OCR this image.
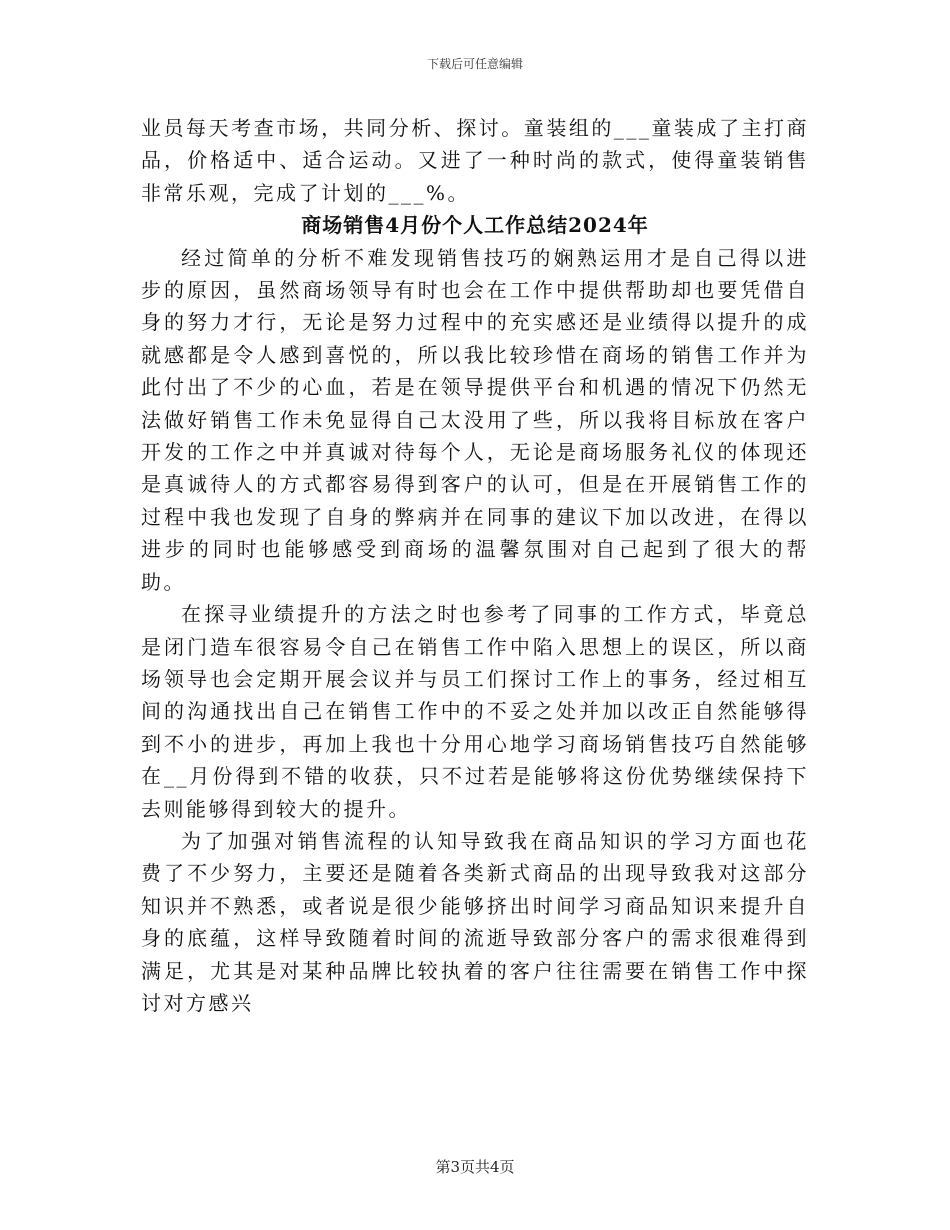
下载后可任意编辑

业员每天考查市场，共同分析、探讨。童装组的___童装成了主打商品，价格适中、适合运动。又进了一种时尚的款式，使得童装销售非常乐观，完成了计划的___%。

商场销售4月份个人工作总结2024年

经过简单的分析不难发现销售技巧的娴熟运用才是自己得以进步的原因，虽然商场领导有时也会在工作中提供帮助却也要凭借自身的努力才行，无论是努力过程中的充实感还是业绩得以提升的成就感都是令人感到喜悦的，所以我比较珍惜在商场的销售工作并为此付出了不少的心血，若是在领导提供平台和机遇的情况下仍然无法做好销售工作未免显得自己太没用了些，所以我将目标放在客户开发的工作之中并真诚对待每个人，无论是商场服务礼仪的体现还是真诚待人的方式都容易得到客户的认可，但是在开展销售工作的过程中我也发现了自身的弊病并在同事的建议下加以改进，在得以进步的同时也能够感受到商场的温馨氛围对自己起到了很大的帮助。

在探寻业绩提升的方法之时也参考了同事的工作方式，毕竟总是闭门造车很容易令自己在销售工作中陷入思想上的误区，所以商场领导也会定期开展会议并与员工们探讨工作上的事务，经过相互间的沟通找出自己在销售工作中的不妥之处并加以改正自然能够得到不小的进步，再加上我也十分用心地学习商场销售技巧自然能够在__月份得到不错的收获，只不过若是能够将这份优势继续保持下去则能够得到较大的提升。

为了加强对销售流程的认知导致我在商品知识的学习方面也花费了不少努力，主要还是随着各类新式商品的出现导致我对这部分知识并不熟悉，或者说是很少能够挤出时间学习商品知识来提升自身的底蕴，这样导致随着时间的流逝导致部分客户的需求很难得到满足，尤其是对某种品牌比较执着的客户往往需要在销售工作中探讨对方感兴

第3页共4页
